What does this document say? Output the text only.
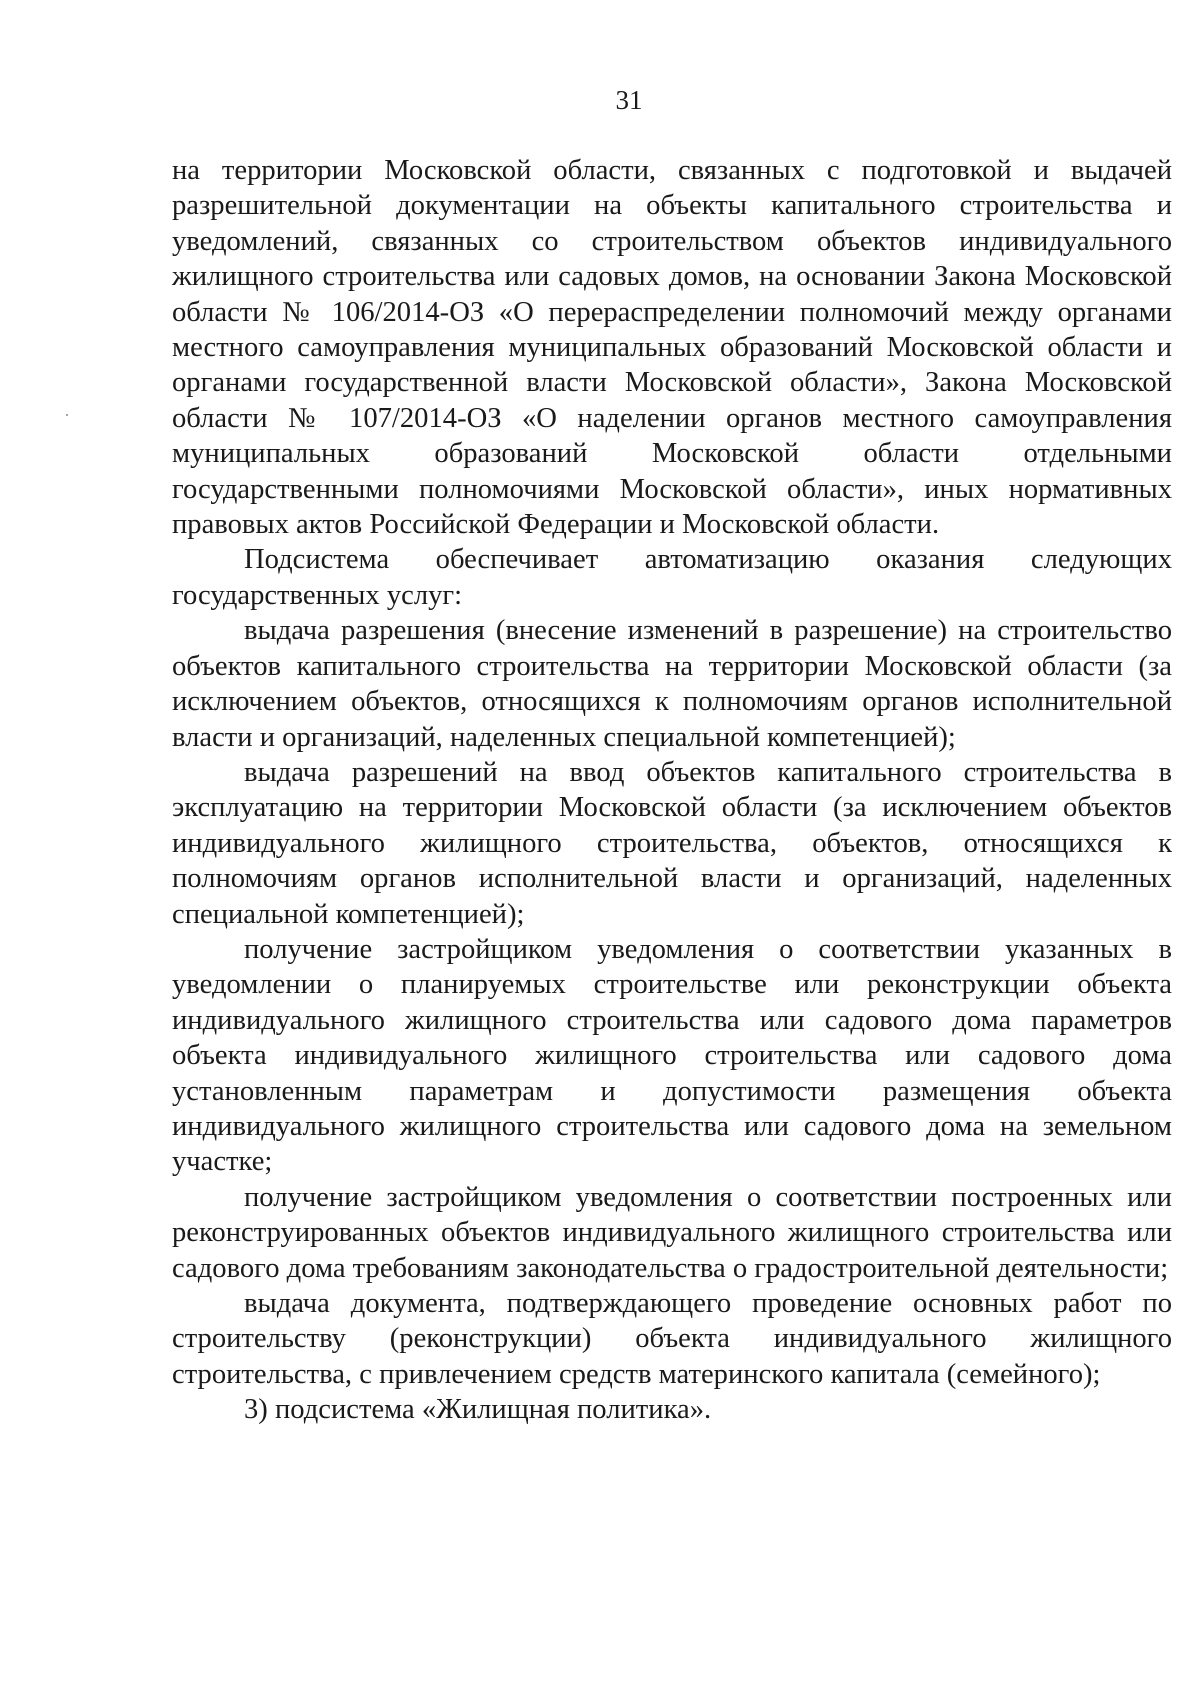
31

на территории Московской области, связанных с подготовкой и выдачей разрешительной документации на объекты капитального строительства и уведомлений, связанных со строительством объектов индивидуального жилищного строительства или садовых домов, на основании Закона Московской области № 106/2014-ОЗ «О перераспределении полномочий между органами местного самоуправления муниципальных образований Московской области и органами государственной власти Московской области», Закона Московской области № 107/2014-ОЗ «О наделении органов местного самоуправления муниципальных образований Московской области отдельными государственными полномочиями Московской области», иных нормативных правовых актов Российской Федерации и Московской области.

Подсистема обеспечивает автоматизацию оказания следующих государственных услуг:

выдача разрешения (внесение изменений в разрешение) на строительство объектов капитального строительства на территории Московской области (за исключением объектов, относящихся к полномочиям органов исполнительной власти и организаций, наделенных специальной компетенцией);

выдача разрешений на ввод объектов капитального строительства в эксплуатацию на территории Московской области (за исключением объектов индивидуального жилищного строительства, объектов, относящихся к полномочиям органов исполнительной власти и организаций, наделенных специальной компетенцией);

получение застройщиком уведомления о соответствии указанных в уведомлении о планируемых строительстве или реконструкции объекта индивидуального жилищного строительства или садового дома параметров объекта индивидуального жилищного строительства или садового дома установленным параметрам и допустимости размещения объекта индивидуального жилищного строительства или садового дома на земельном участке;

получение застройщиком уведомления о соответствии построенных или реконструированных объектов индивидуального жилищного строительства или садового дома требованиям законодательства о градостроительной деятельности;

выдача документа, подтверждающего проведение основных работ по строительству (реконструкции) объекта индивидуального жилищного строительства, с привлечением средств материнского капитала (семейного);

3) подсистема «Жилищная политика».
